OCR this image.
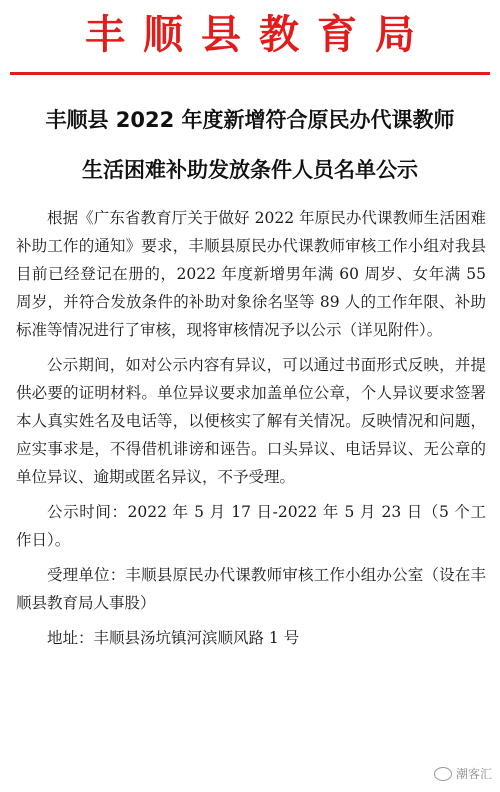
丰顺县教育局
丰顺县 2022 年度新增符合原民办代课教师
生活困难补助发放条件人员名单公示

根据《广东省教育厅关于做好 2022 年原民办代课教师生活困难补助工作的通知》要求，丰顺县原民办代课教师审核工作小组对我县目前已经登记在册的，2022 年度新增男年满 60 周岁、女年满 55 周岁，并符合发放条件的补助对象徐名坚等 89 人的工作年限、补助标准等情况进行了审核，现将审核情况予以公示（详见附件）。

公示期间，如对公示内容有异议，可以通过书面形式反映，并提供必要的证明材料。单位异议要求加盖单位公章，个人异议要求签署本人真实姓名及电话等，以便核实了解有关情况。反映情况和问题，应实事求是，不得借机诽谤和诬告。口头异议、电话异议、无公章的单位异议、逾期或匿名异议，不予受理。

公示时间：2022 年 5 月 17 日-2022 年 5 月 23 日（5 个工作日）。

受理单位：丰顺县原民办代课教师审核工作小组办公室（设在丰顺县教育局人事股）

地址：丰顺县汤坑镇河滨顺风路 1 号

潮客汇
